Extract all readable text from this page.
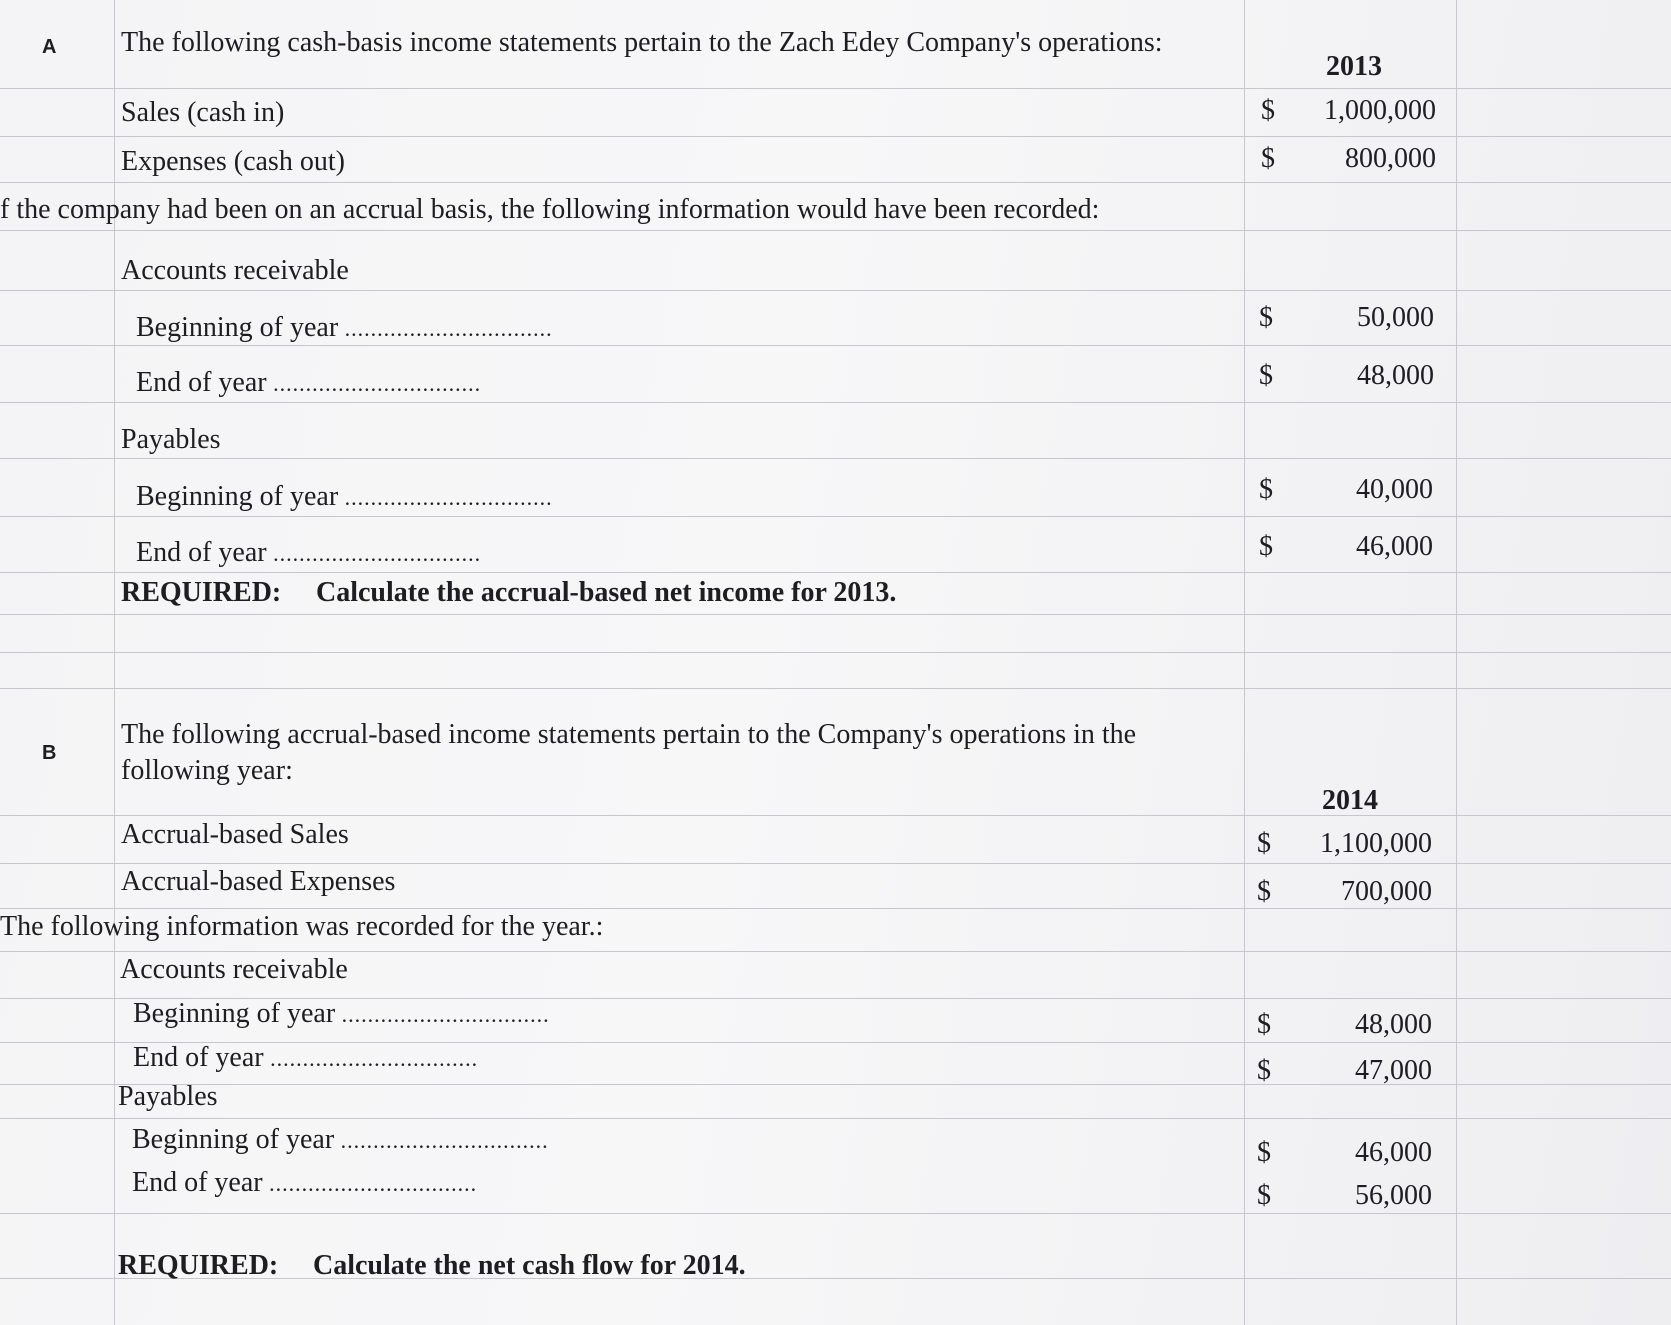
A The following cash-basis income statements pertain to the Zach Edey Company's operations:
2013
Sales (cash in)	$	1,000,000
Expenses (cash out)	$	800,000
f the company had been on an accrual basis, the following information would have been recorded:
Accounts receivable
Beginning of year .....	$	50,000
End of year .....	$	48,000
Payables
Beginning of year .....	$	40,000
End of year .....	$	46,000
REQUIRED: Calculate the accrual-based net income for 2013.
B
The following accrual-based income statements pertain to the Company's operations in the
following year:
2014
Accrual-based Sales	$	1,100,000
Accrual-based Expenses	$	700,000
The following information was recorded for the year.:
Accounts receivable
Beginning of year .....	$	48,000
End of year .....	$	47,000
Payables
Beginning of year .....	$	46,000
End of year .....	$	56,000
REQUIRED: Calculate the net cash flow for 2014.
